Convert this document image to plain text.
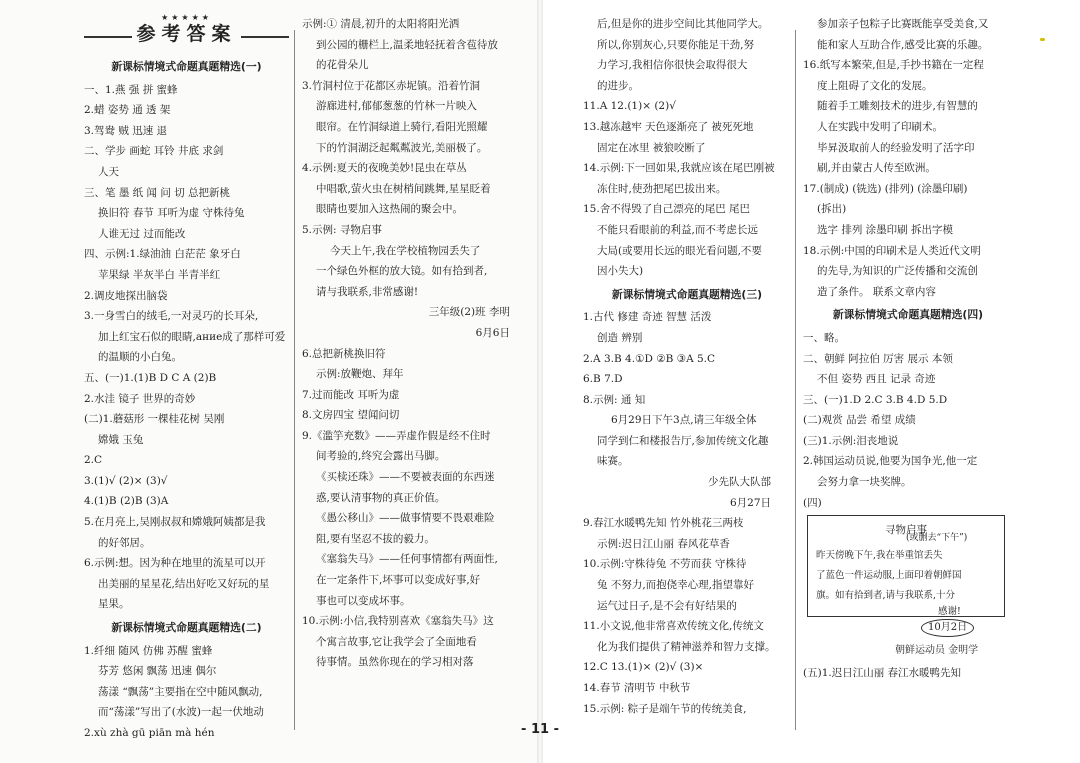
★★★★★
参考答案
新课标情境式命题真题精选(一)
一、1.燕 强 拼 蜜蜂
2.蜡 姿势 通 透 架
3.驾鸯 贼 迅速 退
二、学步 画蛇 耳铃 井底 求剑
人天
三、笔 墨 纸 闻 问 切 总把新桃
换旧符 春节 耳听为虚 守株待兔
人谁无过 过而能改
四、示例:1.绿油油 白茫茫 象牙白
苹果绿 半灰半白 半青半红
2.调皮地探出脑袋
3.一身雪白的绒毛,一对灵巧的长耳朵,
加上红宝石似的眼睛,ание成了那样可爱
的温顺的小白兔。
五、(一)1.(1)B D C A (2)B
2.水洼 镜子 世界的奇妙
(二)1.蘑菇形 一棵桂花树 吴刚
嫦娥 玉兔
2.C
3.(1)√ (2)× (3)√
4.(1)B (2)B (3)A
5.在月亮上,吴刚叔叔和嫦娥阿姨都是我
的好邻居。
6.示例:想。因为种在地里的流星可以开
出美丽的星星花,结出好吃又好玩的星
星果。
新课标情境式命题真题精选(二)
1.纤细 随风 仿佛 苏醒 蜜蜂
芬芳 悠闲 飘荡 迅速 偶尔
荡漾 “飘荡”主要指在空中随风飘动,
而“荡漾”写出了(水波)一起一伏地动
2.xù zhà gū piān mà hén
示例:① 清晨,初升的太阳将阳光洒
到公园的栅栏上,温柔地轻抚着含苞待放
的花骨朵儿
3.竹洞村位于花都区赤坭镇。沿着竹洞
游廊进村,郁郁葱葱的竹林一片映入
眼帘。在竹洞绿道上骑行,看阳光照耀
下的竹洞湖泛起粼粼波光,美丽极了。
4.示例:夏天的夜晚美妙!昆虫在草丛
中唱歌,萤火虫在树梢间跳舞,星星眨着
眼睛也要加入这热闹的聚会中。
5.示例: 寻物启事
今天上午,我在学校植物园丢失了
一个绿色外框的放大镜。如有拾到者,
请与我联系,非常感谢!
三年级(2)班 李明
6月6日
6.总把新桃换旧符
示例:放鞭炮、拜年
7.过而能改 耳听为虚
8.文房四宝 望闻问切
9.《滥竽充数》——弄虚作假是经不住时
间考验的,终究会露出马脚。
《买椟还珠》——不要被表面的东西迷
惑,要认清事物的真正价值。
《愚公移山》——做事情要不畏艰难险
阻,要有坚忍不拔的毅力。
《塞翁失马》——任何事情都有两面性,
在一定条件下,坏事可以变成好事,好
事也可以变成坏事。
10.示例:小信,我特别喜欢《塞翁失马》这
个寓言故事,它让我学会了全面地看
待事情。虽然你现在的学习相对落
后,但是你的进步空间比其他同学大。
所以,你别灰心,只要你能足干劲,努
力学习,我相信你很快会取得很大
的进步。
11.A 12.(1)× (2)√
13.越冻越牢 天色逐渐亮了 被死死地
固定在冰里 被狼咬断了
14.示例:下一回如果,我就应该在尾巴刚被
冻住时,使劲把尾巴拔出来。
15.舍不得毁了自己漂亮的尾巴 尾巴
不能只看眼前的利益,而不考虑长远
大局(或要用长远的眼光看问题,不要
因小失大)
新课标情境式命题真题精选(三)
1.古代 修建 奇迹 智慧 活泼
创造 辨别
2.A 3.B 4.①D ②B ③A 5.C
6.B 7.D
8.示例: 通 知
6月29日下午3点,请三年级全体
同学到仁和楼报告厅,参加传统文化趣
味赛。
少先队大队部
6月27日
9.春江水暖鸭先知 竹外桃花三两枝
示例:迟日江山丽 春风花草香
10.示例:守株待兔 不劳而获 守株待
兔 不努力,而抱侥幸心理,指望靠好
运气过日子,是不会有好结果的
11.小文说,他非常喜欢传统文化,传统文
化为我们提供了精神滋养和智力支撑。
12.C 13.(1)× (2)√ (3)×
14.春节 清明节 中秋节
15.示例: 粽子是端午节的传统美食,
参加亲子包粽子比赛既能享受美食,又
能和家人互助合作,感受比赛的乐趣。
16.纸写本繁荣,但是,手抄书籍在一定程
度上阻碍了文化的发展。
随着手工雕刻技术的进步,有智慧的
人在实践中发明了印刷术。
毕昇汲取前人的经验发明了活字印
刷,并由蒙古人传至欧洲。
17.(制成) (铣选) (排列) (涂墨印刷)
(拆出)
选字 排列 涂墨印刷 拆出字模
18.示例:中国的印刷术是人类近代文明
的先导,为知识的广泛传播和交流创
造了条件。 联系文章内容
新课标情境式命题真题精选(四)
一、略。
二、朝鲜 阿拉伯 厉害 展示 本领
不但 姿势 西且 记录 奇迹
三、(一)1.D 2.C 3.B 4.D 5.D
(二)观赏 品尝 希望 成绩
(三)1.示例:泪丧地说
2.韩国运动员说,他要为国争光,他一定
会努力拿一块奖牌。
(四)
寻物启事
(或删去“下午”)
昨天傍晚下午,我在举重馆丢失
了蓝色一件运动服,上面印着朝鲜国
旗。如有拾到者,请与我联系,十分
感谢!
10月2日
朝鲜运动员 金明学
(五)1.迟日江山丽 春江水暖鸭先知
- 11 -
